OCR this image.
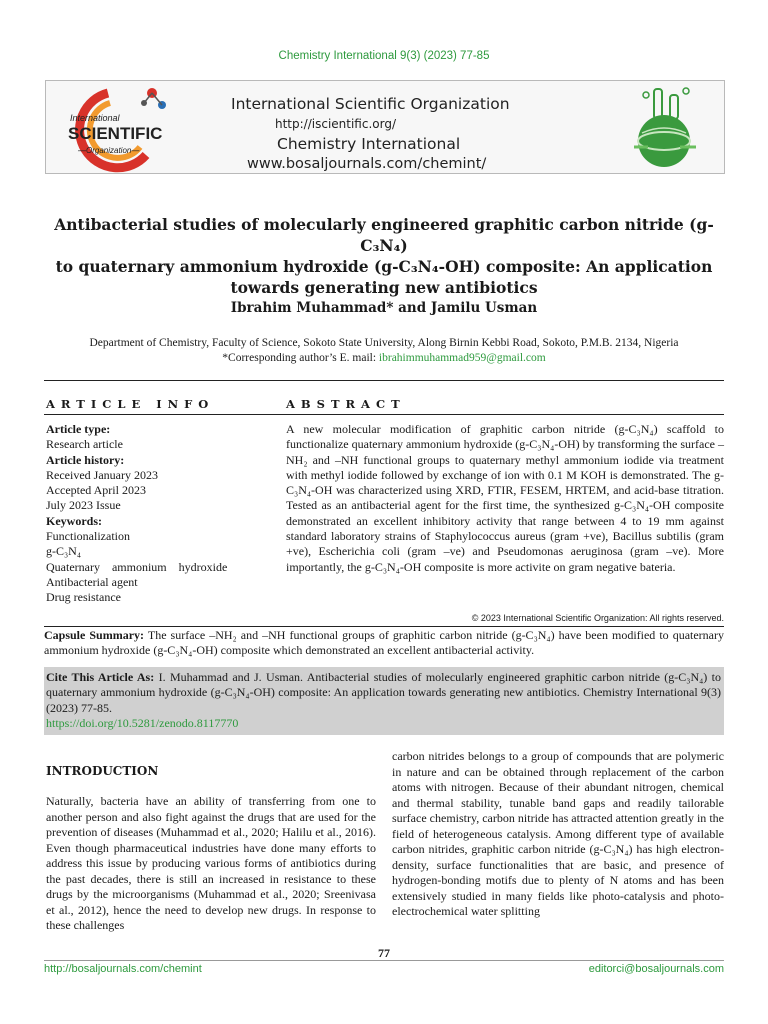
Chemistry International 9(3) (2023) 77-85
International
SCIENTIFIC
—Organization—
International Scientific Organization
http://iscientific.org/
Chemistry International
www.bosaljournals.com/chemint/
Antibacterial studies of molecularly engineered graphitic carbon nitride (g-C₃N₄)
to quaternary ammonium hydroxide (g-C₃N₄-OH) composite: An application
towards generating new antibiotics
Ibrahim Muhammad* and Jamilu Usman
Department of Chemistry, Faculty of Science, Sokoto State University, Along Birnin Kebbi Road, Sokoto, P.M.B. 2134, Nigeria
*Corresponding author’s E. mail: ibrahimmuhammad959@gmail.com
ARTICLE INFO	ABSTRACT
Article type:
Research article
Article history:
Received January 2023
Accepted April 2023
July 2023 Issue
Keywords:
Functionalization
g-C₃N₄
Quaternary    ammonium    hydroxide
Antibacterial agent
Drug resistance
A new molecular modification of graphitic carbon nitride (g-C₃N₄) scaffold to functionalize quaternary ammonium hydroxide (g-C₃N₄-OH) by transforming the surface –NH₂ and –NH functional groups to quaternary methyl ammonium iodide via treatment with methyl iodide followed by exchange of ion with 0.1 M KOH is demonstrated. The g-C₃N₄-OH was characterized using XRD, FTIR, FESEM, HRTEM, and acid-base titration. Tested as an antibacterial agent for the first time, the synthesized g-C₃N₄-OH composite demonstrated an excellent inhibitory activity that range between 4 to 19 mm against standard laboratory strains of Staphylococcus aureus (gram +ve), Bacillus subtilis (gram +ve), Escherichia coli (gram –ve) and Pseudomonas aeruginosa (gram –ve). More importantly, the g-C₃N₄-OH composite is more activite on gram negative bateria.
© 2023 International Scientific Organization: All rights reserved.
Capsule Summary: The surface –NH₂ and –NH functional groups of graphitic carbon nitride (g-C₃N₄) have been modified to quaternary ammonium hydroxide (g-C₃N₄-OH) composite which demonstrated an excellent antibacterial activity.
Cite This Article As: I. Muhammad and J. Usman. Antibacterial studies of molecularly engineered graphitic carbon nitride (g-C₃N₄) to quaternary ammonium hydroxide (g-C₃N₄-OH) composite: An application towards generating new antibiotics. Chemistry International 9(3) (2023) 77-85.
https://doi.org/10.5281/zenodo.8117770
INTRODUCTION
Naturally, bacteria have an ability of transferring from one to another person and also fight against the drugs that are used for the prevention of diseases (Muhammad et al., 2020; Halilu et al., 2016). Even though pharmaceutical industries have done many efforts to address this issue by producing various forms of antibiotics during the past decades, there is still an increased in resistance to these drugs by the microorganisms (Muhammad et al., 2020; Sreenivasa et al., 2012), hence the need to develop new drugs. In response to these challenges
carbon nitrides belongs to a group of compounds that are polymeric in nature and can be obtained through replacement of the carbon atoms with nitrogen. Because of their abundant nitrogen, chemical and thermal stability, tunable band gaps and readily tailorable surface chemistry, carbon nitride has attracted attention greatly in the field of heterogeneous catalysis. Among different type of available carbon nitrides, graphitic carbon nitride (g-C₃N₄) has high electron-density, surface functionalities that are basic, and presence of hydrogen-bonding motifs due to plenty of N atoms and has been extensively studied in many fields like photo-catalysis and photo-electrochemical water splitting
77
http://bosaljournals.com/chemint	editorci@bosaljournals.com
